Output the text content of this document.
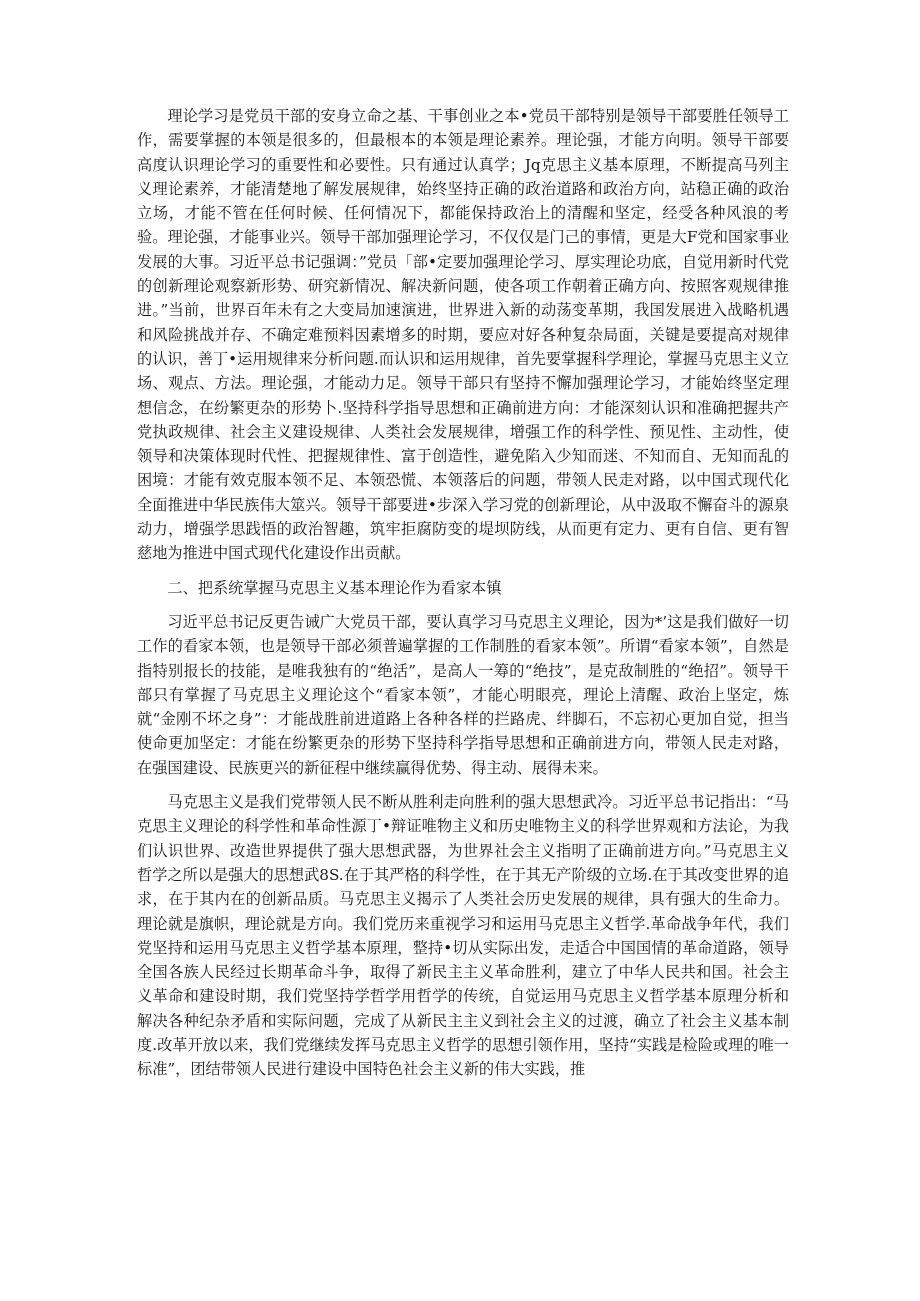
理论学习是党员干部的安身立命之基、干事创业之本•党员干部特别是领导干部要胜任领导工作，需要掌握的本领是很多的，但最根本的本领是理论素养。理论强，才能方向明。领导干部要高度认识理论学习的重要性和必要性。只有通过认真学；Jq克思主义基本原理，不断提高马列主义理论素养，才能清楚地了解发展规律，始终坚持正确的政治道路和政治方向，站稳正确的政治立场，才能不管在任何时候、任何情况下，都能保持政治上的清醒和坚定，经受各种风浪的考验。理论强，才能事业兴。领导干部加强理论学习，不仅仅是门己的事情，更是大F党和国家事业发展的大事。习近平总书记强调：”党员「部•定要加强理论学习、厚实理论功底，自觉用新时代党的创新理论观察新形势、研究新情况、解决新问题，使各项工作朝着正确方向、按照客观规律推进。”当前，世界百年未有之大变局加速演进，世界进入新的动荡变革期，我国发展进入战略机遇和风险挑战并存、不确定难预料因素增多的时期，要应对好各种复杂局面，关键是要提高对规律的认识，善丁•运用规律来分析问题.而认识和运用规律，首先要掌握科学理论，掌握马克思主义立场、观点、方法。理论强，才能动力足。领导干部只有坚持不懈加强理论学习，才能始终坚定理想信念，在纷繁更杂的形势卜.坚持科学指导思想和正确前进方向：才能深刻认识和准确把握共产党执政规律、社会主义建设规律、人类社会发展规律，增强工作的科学性、预见性、主动性，使领导和决策体现时代性、把握规律性、富于创造性，避免陷入少知而迷、不知而自、无知而乱的困境：才能有效克服本领不足、本领恐慌、本领落后的问题，带领人民走对路，以中国式现代化全面推进中华民族伟大筮兴。领导干部要进•步深入学习党的创新理论，从中汲取不懈奋斗的源泉动力，增强学思践悟的政治智趣，筑牢拒腐防变的堤坝防线，从而更有定力、更有自信、更有智慈地为推进中国式现代化建设作出贡献。

二、把系统掌握马克思主义基本理论作为看家本镇

习近平总书记反更告诫广大党员干部，要认真学习马克思主义理论，因为*’这是我们做好一切工作的看家本领，也是领导干部必须普遍掌握的工作制胜的看家本领”。所谓“看家本领”，自然是指特别报长的技能，是唯我独有的“绝活”，是高人一筹的“绝技”，是克敌制胜的“绝招”。领导干部只有掌握了马克思主义理论这个“看家本领”，才能心明眼亮，理论上清醒、政治上坚定，炼就“金刚不坏之身”：才能战胜前进道路上各种各样的拦路虎、绊脚石，不忘初心更加自觉，担当使命更加坚定：才能在纷繁更杂的形势下坚持科学指导思想和正确前进方向，带领人民走对路，在强国建设、民族更兴的新征程中继续赢得优势、得主动、展得未来。

马克思主义是我们党带领人民不断从胜利走向胜利的强大思想武冷。习近平总书记指出：“马克思主义理论的科学性和革命性源丁•辩证唯物主义和历史唯物主义的科学世界观和方法论，为我们认识世界、改造世界提供了强大思想武器，为世界社会主义指明了正确前进方向。”马克思主义哲学之所以是强大的思想武8S.在于其严格的科学性，在于其无产阶级的立场.在于其改变世界的追求，在于其内在的创新品质。马克思主义揭示了人类社会历史发展的规律，具有强大的生命力。理论就是旗帜，理论就是方向。我们党历来重视学习和运用马克思主义哲学.革命战争年代，我们党坚持和运用马克思主义哲学基本原理，整持•切从实际出发，走适合中国国情的革命道路，领导全国各族人民经过长期革命斗争，取得了新民主主义革命胜利，建立了中华人民共和国。社会主义革命和建设时期，我们党坚持学哲学用哲学的传统，自觉运用马克思主义哲学基本原理分析和解决各种纪杂矛盾和实际问题，完成了从新民主主义到社会主义的过渡，确立了社会主义基本制度.改革开放以来，我们党继续发挥马克思主义哲学的思想引领作用，坚持“实践是检险或理的唯一标准”，团结带领人民进行建设中国特色社会主义新的伟大实践，推
